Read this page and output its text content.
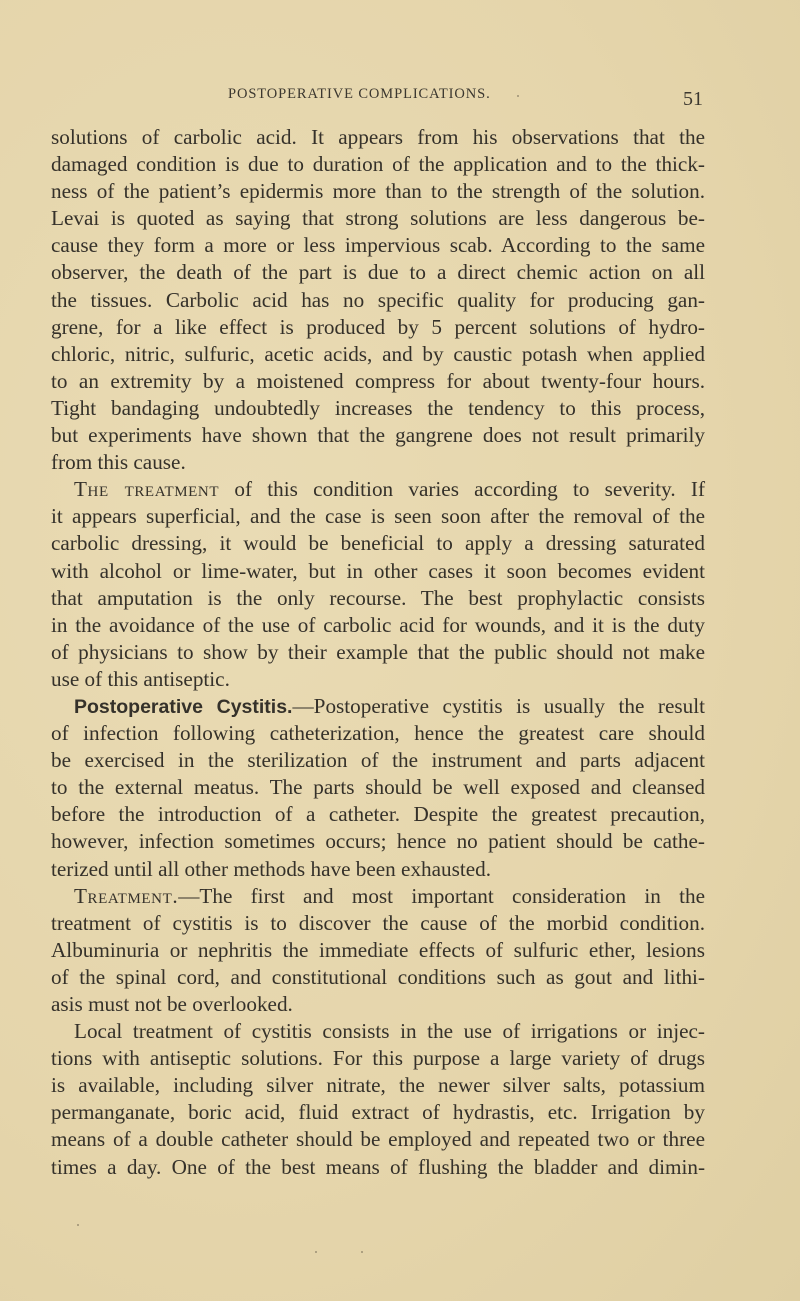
POSTOPERATIVE COMPLICATIONS.	51
solutions of carbolic acid. It appears from his observations that the
damaged condition is due to duration of the application and to the thick-
ness of the patient’s epidermis more than to the strength of the solution.
Levai is quoted as saying that strong solutions are less dangerous be-
cause they form a more or less impervious scab. According to the same
observer, the death of the part is due to a direct chemic action on all
the tissues. Carbolic acid has no specific quality for producing gan-
grene, for a like effect is produced by 5 percent solutions of hydro-
chloric, nitric, sulfuric, acetic acids, and by caustic potash when applied
to an extremity by a moistened compress for about twenty-four hours.
Tight bandaging undoubtedly increases the tendency to this process,
but experiments have shown that the gangrene does not result primarily
from this cause.
The treatment of this condition varies according to severity. If
it appears superficial, and the case is seen soon after the removal of the
carbolic dressing, it would be beneficial to apply a dressing saturated
with alcohol or lime-water, but in other cases it soon becomes evident
that amputation is the only recourse. The best prophylactic consists
in the avoidance of the use of carbolic acid for wounds, and it is the duty
of physicians to show by their example that the public should not make
use of this antiseptic.
Postoperative Cystitis.—Postoperative cystitis is usually the result
of infection following catheterization, hence the greatest care should
be exercised in the sterilization of the instrument and parts adjacent
to the external meatus. The parts should be well exposed and cleansed
before the introduction of a catheter. Despite the greatest precaution,
however, infection sometimes occurs; hence no patient should be cathe-
terized until all other methods have been exhausted.
Treatment.—The first and most important consideration in the
treatment of cystitis is to discover the cause of the morbid condition.
Albuminuria or nephritis the immediate effects of sulfuric ether, lesions
of the spinal cord, and constitutional conditions such as gout and lithi-
asis must not be overlooked.
Local treatment of cystitis consists in the use of irrigations or injec-
tions with antiseptic solutions. For this purpose a large variety of drugs
is available, including silver nitrate, the newer silver salts, potassium
permanganate, boric acid, fluid extract of hydrastis, etc. Irrigation by
means of a double catheter should be employed and repeated two or three
times a day. One of the best means of flushing the bladder and dimin-
